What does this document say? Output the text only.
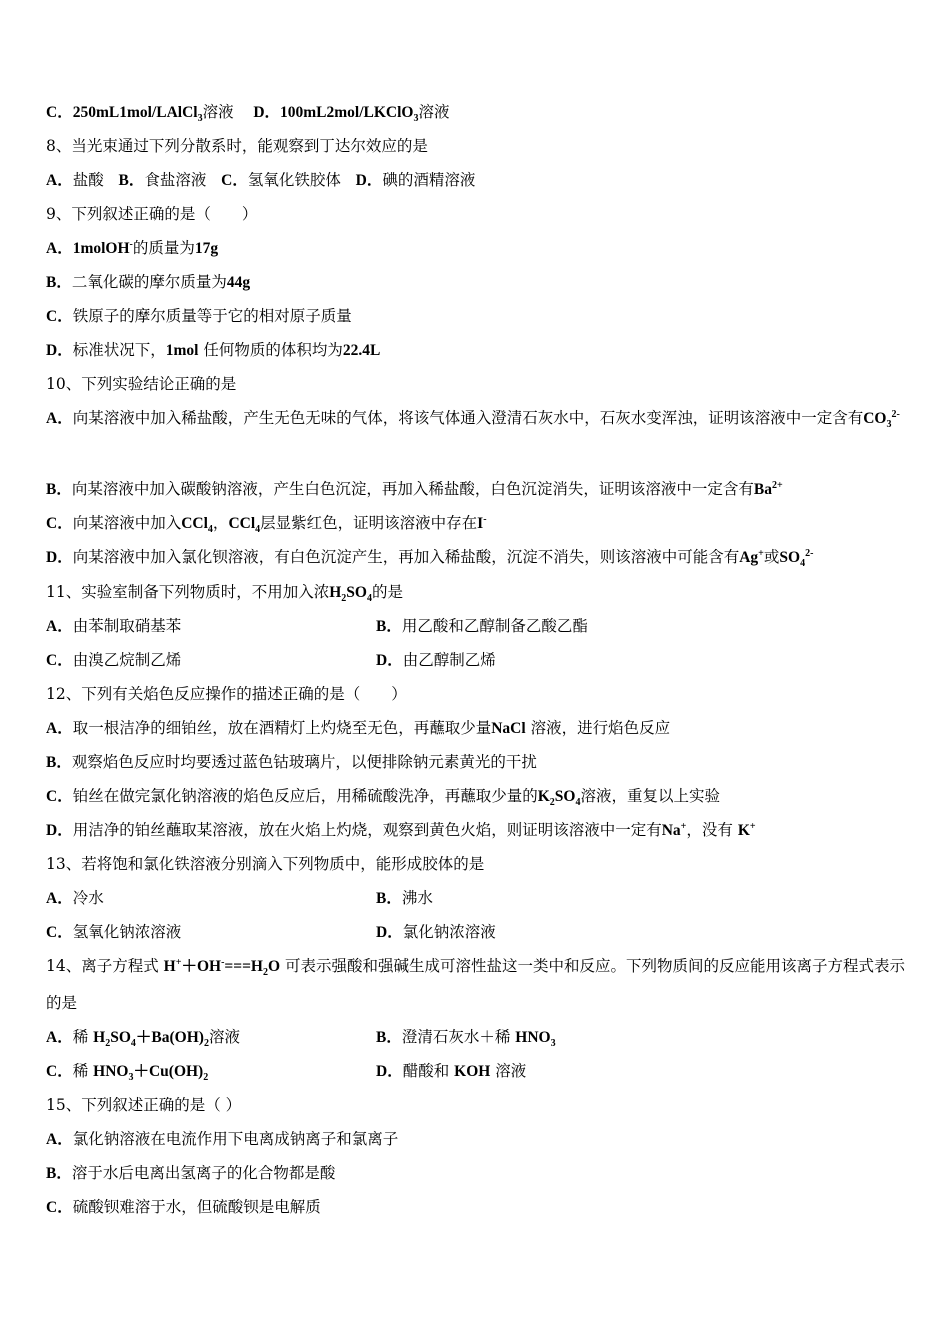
C．250mL1mol/LAlCl$_3$溶液 D．100mL2mol/LKClO$_3$溶液
8、当光束通过下列分散系时，能观察到丁达尔效应的是
A．盐酸 B．食盐溶液 C．氢氧化铁胶体 D．碘的酒精溶液
9、下列叙述正确的是（　　）
A．1molOH-的质量为17g
B．二氧化碳的摩尔质量为44g
C．铁原子的摩尔质量等于它的相对原子质量
D．标准状况下，1mol 任何物质的体积均为22.4L
10、下列实验结论正确的是
A．向某溶液中加入稀盐酸，产生无色无味的气体，将该气体通入澄清石灰水中，石灰水变浑浊，证明该溶液中一定含有$CO_3^{2-}$
B．向某溶液中加入碳酸钠溶液，产生白色沉淀，再加入稀盐酸，白色沉淀消失，证明该溶液中一定含有$Ba^{2+}$
C．向某溶液中加入CCl$_4$，CCl$_4$层显紫红色，证明该溶液中存在I-
D．向某溶液中加入氯化钡溶液，有白色沉淀产生，再加入稀盐酸，沉淀不消失，则该溶液中可能含有Ag+或$SO_4^{2-}$
11、实验室制备下列物质时，不用加入浓$H_2SO_4$的是
A．由苯制取硝基苯	B．用乙酸和乙醇制备乙酸乙酯
C．由溴乙烷制乙烯	D．由乙醇制乙烯
12、下列有关焰色反应操作的描述正确的是（　　）
A．取一根洁净的细铂丝，放在酒精灯上灼烧至无色，再蘸取少量NaCl 溶液，进行焰色反应
B．观察焰色反应时均要透过蓝色钴玻璃片，以便排除钠元素黄光的干扰
C．铂丝在做完氯化钠溶液的焰色反应后，用稀硫酸洗净，再蘸取少量的$K_2SO_4$溶液，重复以上实验
D．用洁净的铂丝蘸取某溶液，放在火焰上灼烧，观察到黄色火焰，则证明该溶液中一定有Na+，没有 K+
13、若将饱和氯化铁溶液分别滴入下列物质中，能形成胶体的是
A．冷水	B．沸水
C．氢氧化钠浓溶液	D．氯化钠浓溶液
14、离子方程式 $H^++OH^-===H_2O$ 可表示强酸和强碱生成可溶性盐这一类中和反应。下列物质间的反应能用该离子方程式表示的是
A．稀 $H_2SO_4+Ba(OH)_2$溶液	B．澄清石灰水＋稀 $HNO_3$
C．稀 $HNO_3+Cu(OH)_2$	D．醋酸和 KOH 溶液
15、下列叙述正确的是（ ）
A．氯化钠溶液在电流作用下电离成钠离子和氯离子
B．溶于水后电离出氢离子的化合物都是酸
C．硫酸钡难溶于水，但硫酸钡是电解质
